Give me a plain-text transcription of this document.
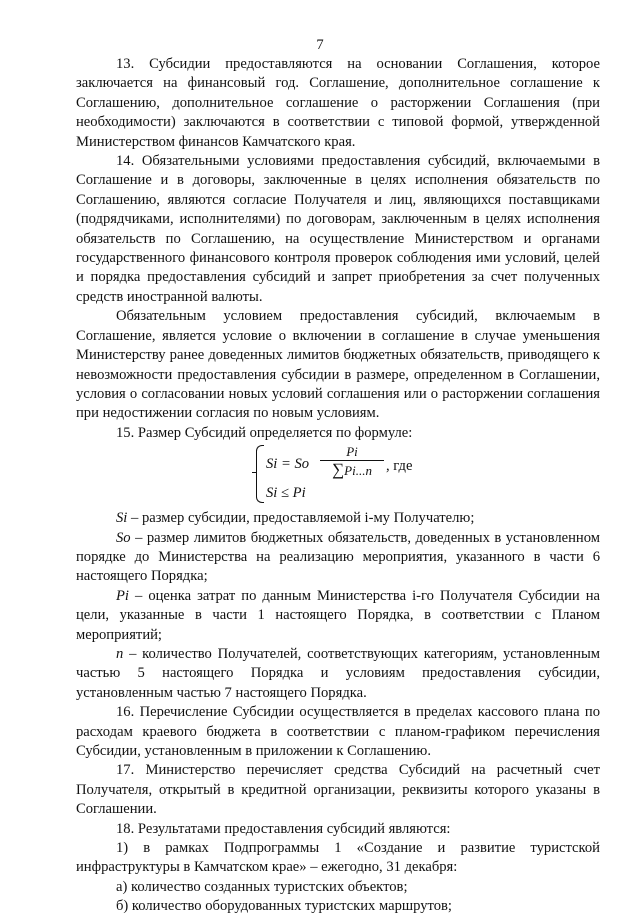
7

13. Субсидии предоставляются на основании Соглашения, которое заключается на финансовый год. Соглашение, дополнительное соглашение к Соглашению, дополнительное соглашение о расторжении Соглашения (при необходимости) заключаются в соответствии с типовой формой, утвержденной Министерством финансов Камчатского края.

14. Обязательными условиями предоставления субсидий, включаемыми в Соглашение и в договоры, заключенные в целях исполнения обязательств по Соглашению, являются согласие Получателя и лиц, являющихся поставщиками (подрядчиками, исполнителями) по договорам, заключенным в целях исполнения обязательств по Соглашению, на осуществление Министерством и органами государственного финансового контроля проверок соблюдения ими условий, целей и порядка предоставления субсидий и запрет приобретения за счет полученных средств иностранной валюты.

Обязательным условием предоставления субсидий, включаемым в Соглашение, является условие о включении в соглашение в случае уменьшения Министерству ранее доведенных лимитов бюджетных обязательств, приводящего к невозможности предоставления субсидии в размере, определенном в Соглашении, условия о согласовании новых условий соглашения или о расторжении соглашения при недостижении согласия по новым условиям.

15. Размер Субсидий определяется по формуле:

Si = So
Pi
∑Pi...n , где
Si ≤ Pi

Si – размер субсидии, предоставляемой i-му Получателю;

So – размер лимитов бюджетных обязательств, доведенных в установленном порядке до Министерства на реализацию мероприятия, указанного в части 6 настоящего Порядка;

Pi – оценка затрат по данным Министерства i-го Получателя Субсидии на цели, указанные в части 1 настоящего Порядка, в соответствии с Планом мероприятий;

n – количество Получателей, соответствующих категориям, установленным частью 5 настоящего Порядка и условиям предоставления субсидии, установленным частью 7 настоящего Порядка.

16. Перечисление Субсидии осуществляется в пределах кассового плана по расходам краевого бюджета в соответствии с планом-графиком перечисления Субсидии, установленным в приложении к Соглашению.

17. Министерство перечисляет средства Субсидий на расчетный счет Получателя, открытый в кредитной организации, реквизиты которого указаны в Соглашении.

18. Результатами предоставления субсидий являются:

1) в рамках Подпрограммы 1 «Создание и развитие туристской инфраструктуры в Камчатском крае» – ежегодно, 31 декабря:

а) количество созданных туристских объектов;

б) количество оборудованных туристских маршрутов;
